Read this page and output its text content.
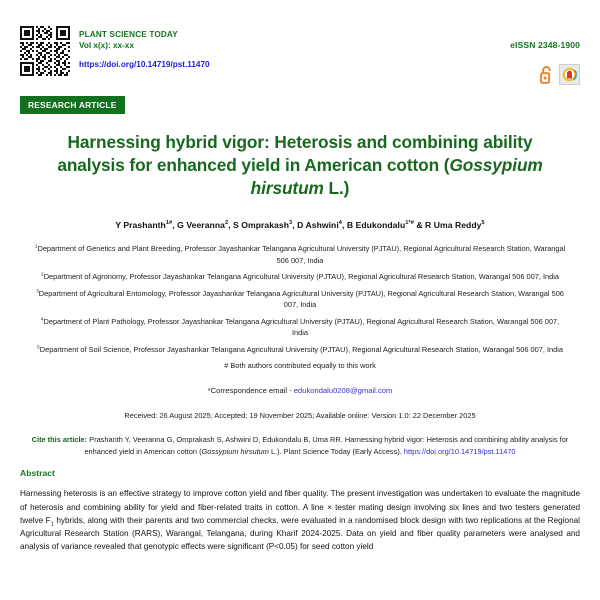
PLANT SCIENCE TODAY
Vol x(x): xx-xx
https://doi.org/10.14719/pst.11470
eISSN 2348-1900
RESEARCH ARTICLE
Harnessing hybrid vigor: Heterosis and combining ability analysis for enhanced yield in American cotton (Gossypium hirsutum L.)
Y Prashanth$^{1\#}$, G Veeranna$^2$, S Omprakash$^3$, D Ashwini$^4$, B Edukondalu$^{1*\#}$ & R Uma Reddy$^5$
$^1$Department of Genetics and Plant Breeding, Professor Jayashankar Telangana Agricultural University (PJTAU), Regional Agricultural Research Station, Warangal 506 007, India
$^2$Department of Agronomy, Professor Jayashankar Telangana Agricultural University (PJTAU), Regional Agricultural Research Station, Warangal 506 007, India
$^3$Department of Agricultural Entomology, Professor Jayashankar Telangana Agricultural University (PJTAU), Regional Agricultural Research Station, Warangal 506 007, India
$^4$Department of Plant Pathology, Professor Jayashankar Telangana Agricultural University (PJTAU), Regional Agricultural Research Station, Warangal 506 007, India
$^5$Department of Soil Science, Professor Jayashankar Telangana Agricultural University (PJTAU), Regional Agricultural Research Station, Warangal 506 007, India
# Both authors contributed equally to this work
*Correspondence email - edukondalu0208@gmail.com
Received: 26 August 2025; Accepted: 19 November 2025; Available online: Version 1.0: 22 December 2025
Cite this article: Prashanth Y, Veeranna G, Omprakash S, Ashwini D, Edukondalu B, Uma RR. Harnessing hybrid vigor: Heterosis and combining ability analysis for enhanced yield in American cotton (Gossypium hirsutum L.). Plant Science Today (Early Access). https://doi.org/10.14719/pst.11470
Abstract
Harnessing heterosis is an effective strategy to improve cotton yield and fiber quality. The present investigation was undertaken to evaluate the magnitude of heterosis and combining ability for yield and fiber-related traits in cotton. A line × tester mating design involving six lines and two testers generated twelve $F_1$ hybrids, along with their parents and two commercial checks, were evaluated in a randomised block design with two replications at the Regional Agricultural Research Station (RARS), Warangal, Telangana, during Kharif 2024-2025. Data on yield and fiber quality parameters were analysed and analysis of variance revealed that genotypic effects were significant (P<0.05) for seed cotton yield
